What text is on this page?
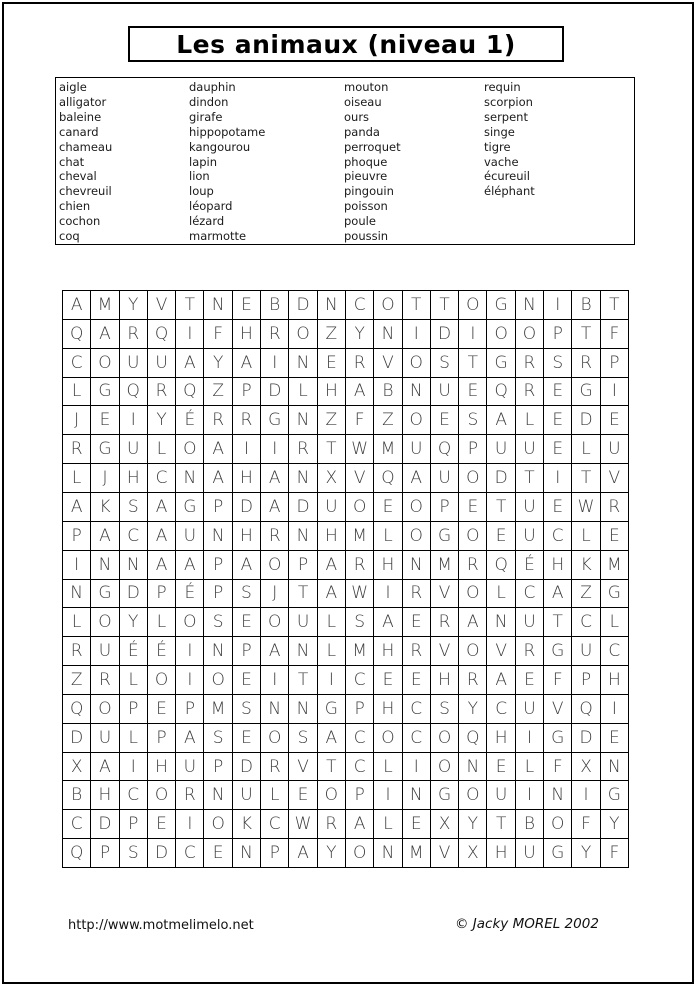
Les animaux (niveau 1)
aigle
alligator
baleine
canard
chameau
chat
cheval
chevreuil
chien
cochon
coq
dauphin
dindon
girafe
hippopotame
kangourou
lapin
lion
loup
léopard
lézard
marmotte
mouton
oiseau
ours
panda
perroquet
phoque
pieuvre
pingouin
poisson
poule
poussin
requin
scorpion
serpent
singe
tigre
vache
écureuil
éléphant
A M Y	V	T N E	B D N C O T	T O G N	I	B	T
Q A R Q	I	F	H R O Z	Y N	I	D	I	O O P	T	F
C O U U A	Y	A	I	N E	R V O S	T G R	S R	P
L G Q R Q Z	P D	L	H A B N U E Q R	E G	I
J	E	I	Y	É	R R G N Z	F	Z O E	S	A	L	E D E
R G U	L O A	I	I	R	T W M U Q P U U E	L	U
L	J	H C N A H A N X V Q A U O D T	I	T	V
A K	S	A G P D A D U O E O P	E	T U E W R
P	A C A U N H R N H M L O G O E U C	L	E
I	N N A A	P	A O P	A R H N M R Q É H K M
N G D P	É	P	S	J	T	A W	I	R V O L	C A Z G
L O Y	L O S	E O U	L	S	A	E	R A N U T	C	L
R U É	É	I	N P	A N	L M H R V O V R G U C
Z R	L O	I	O E	I	T	I	C E	E H R A	E	F	P H
Q O P	E	P M S N N G P H C S	Y	C U V Q	I
D U	L	P	A	S	E O S	A C O C O Q H	I	G D E
X A	I	H U P D R V	T	C	L	I	O N E	L	F	X N
B H C O R N U	L	E O P	I	N G O U	I	N	I	G
C D P	E	I	O K C W R A	L	E	X	Y	T	B O F	Y
Q P	S D C	E N P	A	Y O N M V X H U G Y	F
http://www.motmelimelo.net	© Jacky MOREL 2002
